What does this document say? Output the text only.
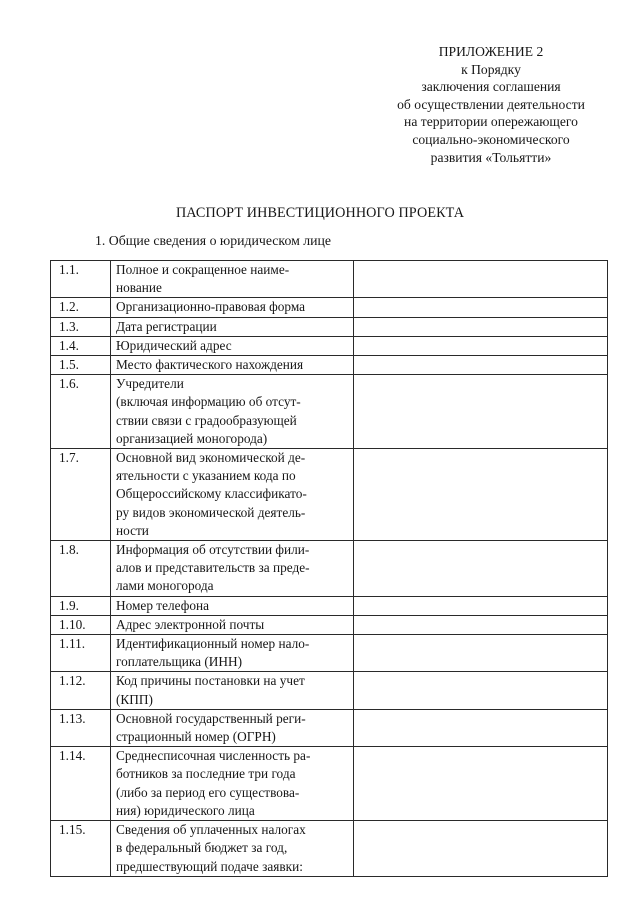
ПРИЛОЖЕНИЕ 2
к Порядку
заключения соглашения
об осуществлении деятельности
на территории опережающего
социально-экономического
развития «Тольятти»
ПАСПОРТ ИНВЕСТИЦИОННОГО ПРОЕКТА
1. Общие сведения о юридическом лице
1.1.	Полное и сокращенное наиме-
нование	
1.2.	Организационно-правовая форма	
1.3.	Дата регистрации	
1.4.	Юридический адрес	
1.5.	Место фактического нахождения	
1.6.	Учредители
(включая информацию об отсут-
ствии связи с градообразующей
организацией моногорода)	
1.7.	Основной вид экономической де-
ятельности с указанием кода по
Общероссийскому классификато-
ру видов экономической деятель-
ности	
1.8.	Информация об отсутствии фили-
алов и представительств за преде-
лами моногорода	
1.9.	Номер телефона	
1.10.	Адрес электронной почты	
1.11.	Идентификационный номер нало-
гоплательщика (ИНН)	
1.12.	Код причины постановки на учет
(КПП)	
1.13.	Основной государственный реги-
страционный номер (ОГРН)	
1.14.	Среднесписочная численность ра-
ботников за последние три года
(либо за период его существова-
ния) юридического лица	
1.15.	Сведения об уплаченных налогах
в федеральный бюджет за год,
предшествующий подаче заявки:	
